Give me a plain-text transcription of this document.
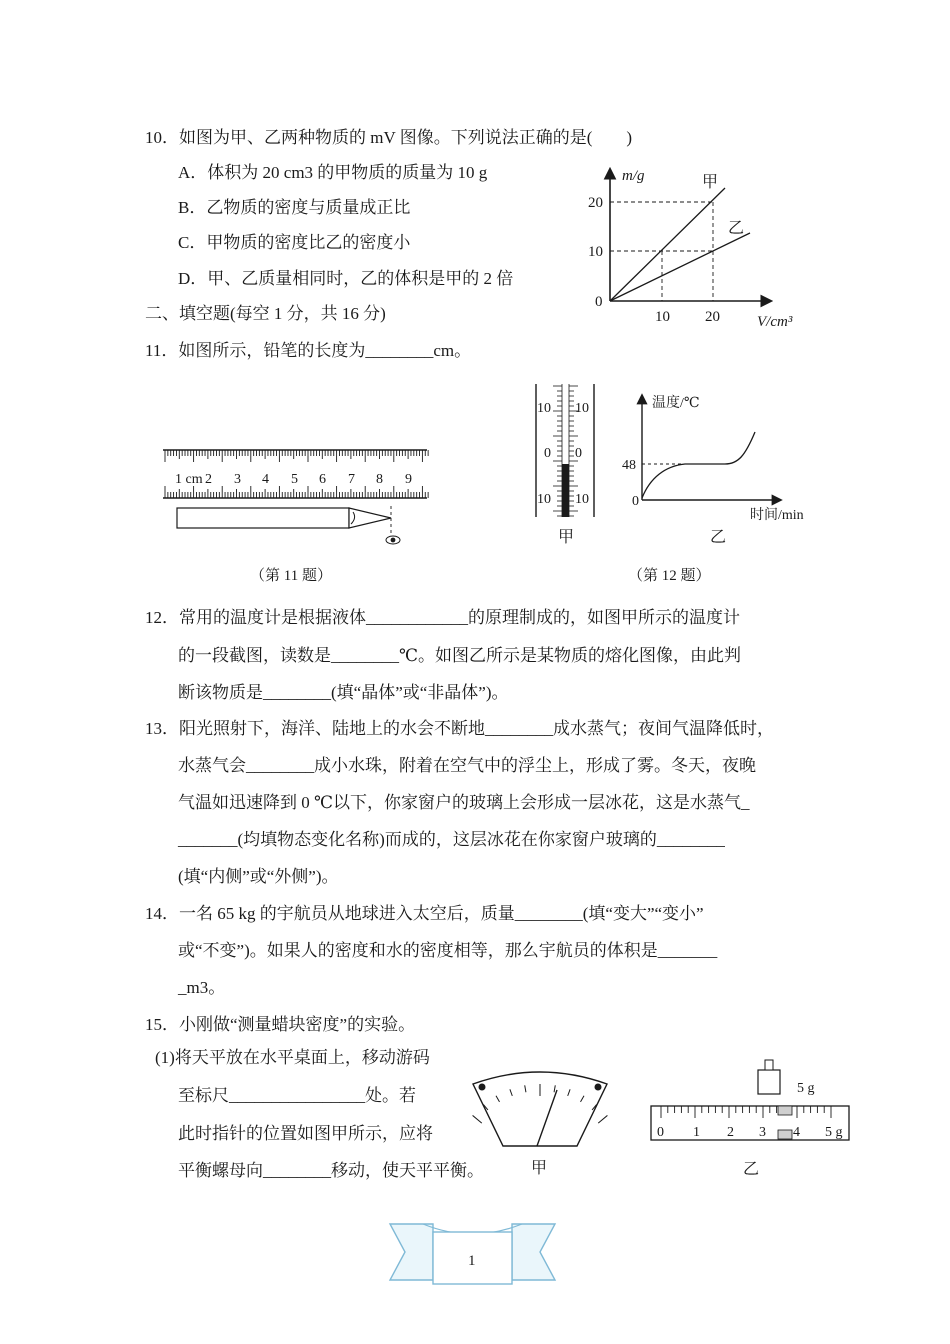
10．如图为甲、乙两种物质的 mV 图像。下列说法正确的是(　　)
A．体积为 20 cm3 的甲物质的质量为 10 g
B．乙物质的密度与质量成正比
C．甲物质的密度比乙的密度小
D．甲、乙质量相同时，乙的体积是甲的 2 倍
m/g
V/cm³
0
20
10
10 20
甲
乙
二、填空题(每空 1 分，共 16 分)
11．如图所示，铅笔的长度为________cm。
1 cm 2 3 4 5 6 7 8 9
（第 11 题）
10
0
10
10
0
10
甲
温度/℃
时间/min
48
0
乙
（第 12 题）
12．常用的温度计是根据液体____________的原理制成的，如图甲所示的温度计
的一段截图，读数是________℃。如图乙所示是某物质的熔化图像，由此判
断该物质是________(填“晶体”或“非晶体”)。
13．阳光照射下，海洋、陆地上的水会不断地________成水蒸气；夜间气温降低时，
水蒸气会________成小水珠，附着在空气中的浮尘上，形成了雾。冬天，夜晚
气温如迅速降到 0 ℃以下，你家窗户的玻璃上会形成一层冰花，这是水蒸气_
_______(均填物态变化名称)而成的，这层冰花在你家窗户玻璃的________
(填“内侧”或“外侧”)。
14．一名 65 kg 的宇航员从地球进入太空后，质量________(填“变大”“变小”
或“不变”)。如果人的密度和水的密度相等，那么宇航员的体积是_______
_m3。
15．小刚做“测量蜡块密度”的实验。
(1)将天平放在水平桌面上，移动游码
至标尺________________处。若
此时指针的位置如图甲所示，应将
平衡螺母向________移动，使天平平衡。	甲
5 g
0 1 2 3 4 5 g
乙
1
